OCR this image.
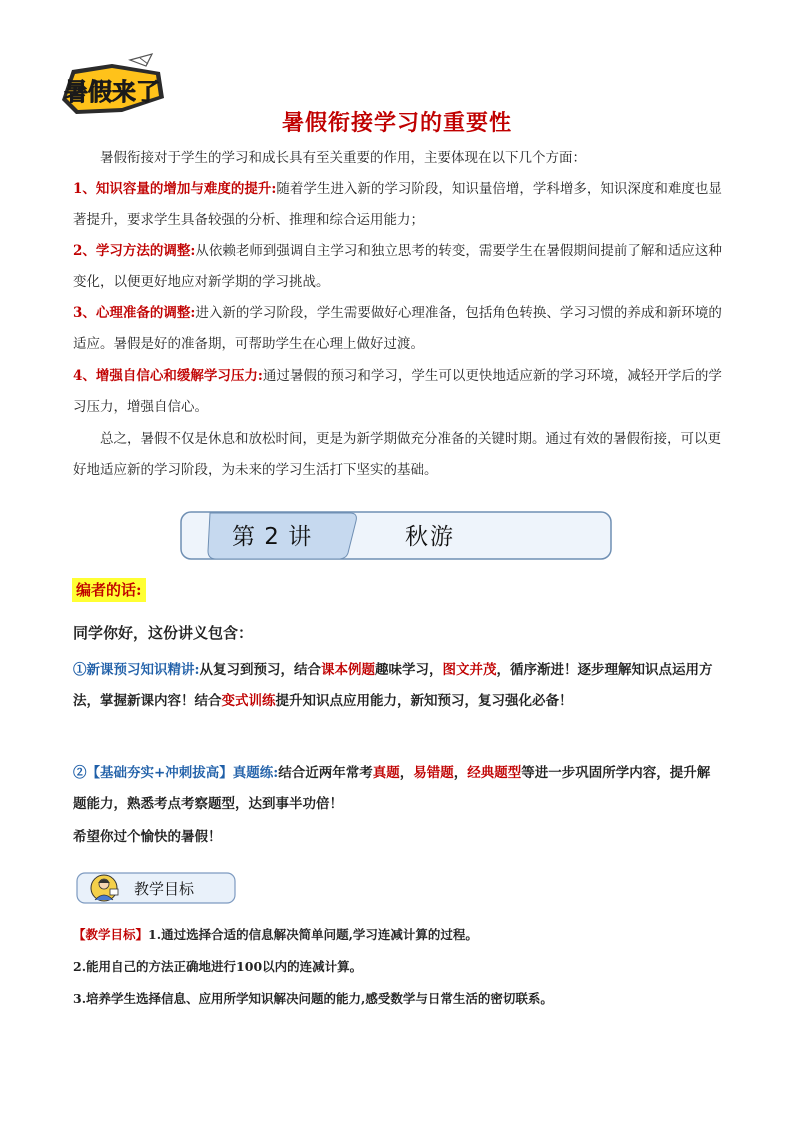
暑假来了
暑假衔接学习的重要性
暑假衔接对于学生的学习和成长具有至关重要的作用，主要体现在以下几个方面：
1、知识容量的增加与难度的提升:随着学生进入新的学习阶段，知识量倍增，学科增多，知识深度和难度也显著提升，要求学生具备较强的分析、推理和综合运用能力；
2、学习方法的调整:从依赖老师到强调自主学习和独立思考的转变，需要学生在暑假期间提前了解和适应这种变化，以便更好地应对新学期的学习挑战。
3、心理准备的调整:进入新的学习阶段，学生需要做好心理准备，包括角色转换、学习习惯的养成和新环境的适应。暑假是好的准备期，可帮助学生在心理上做好过渡。
4、增强自信心和缓解学习压力:通过暑假的预习和学习，学生可以更快地适应新的学习环境，减轻开学后的学习压力，增强自信心。
总之，暑假不仅是休息和放松时间，更是为新学期做充分准备的关键时期。通过有效的暑假衔接，可以更好地适应新的学习阶段，为未来的学习生活打下坚实的基础。
第 2 讲	秋游
编者的话:
同学你好，这份讲义包含：
①新课预习知识精讲:从复习到预习，结合课本例题趣味学习，图文并茂，循序渐进！逐步理解知识点运用方法，掌握新课内容！结合变式训练提升知识点应用能力，新知预习，复习强化必备！
②【基础夯实+冲刺拔高】真题练:结合近两年常考真题，易错题，经典题型等进一步巩固所学内容，提升解题能力，熟悉考点考察题型，达到事半功倍！
希望你过个愉快的暑假！
教学目标
【教学目标】1.通过选择合适的信息解决简单问题,学习连减计算的过程。
2.能用自己的方法正确地进行100以内的连减计算。
3.培养学生选择信息、应用所学知识解决问题的能力,感受数学与日常生活的密切联系。
